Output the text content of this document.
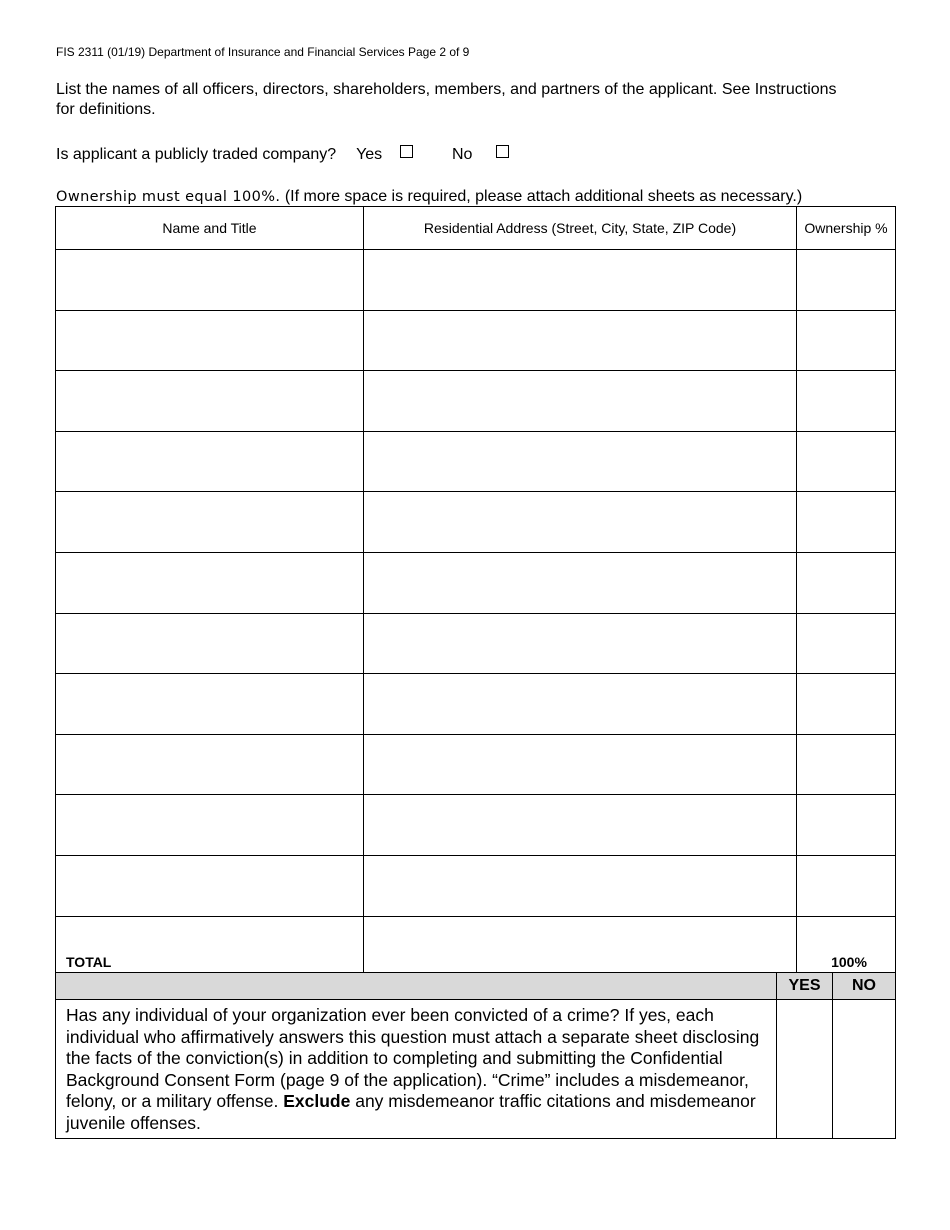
FIS 2311 (01/19) Department of Insurance and Financial Services Page 2 of 9
List the names of all officers, directors, shareholders, members, and partners of the applicant. See Instructions for definitions.
Is applicant a publicly traded company? Yes	No
Ownership must equal 100%. (If more space is required, please attach additional sheets as necessary.)
Name and Title	Residential Address (Street, City, State, ZIP Code)	Ownership %

TOTAL		100%
	YES	NO
Has any individual of your organization ever been convicted of a crime? If yes, each individual who affirmatively answers this question must attach a separate sheet disclosing the facts of the conviction(s) in addition to completing and submitting the Confidential Background Consent Form (page 9 of the application). “Crime” includes a misdemeanor, felony, or a military offense. Exclude any misdemeanor traffic citations and misdemeanor juvenile offenses.		
